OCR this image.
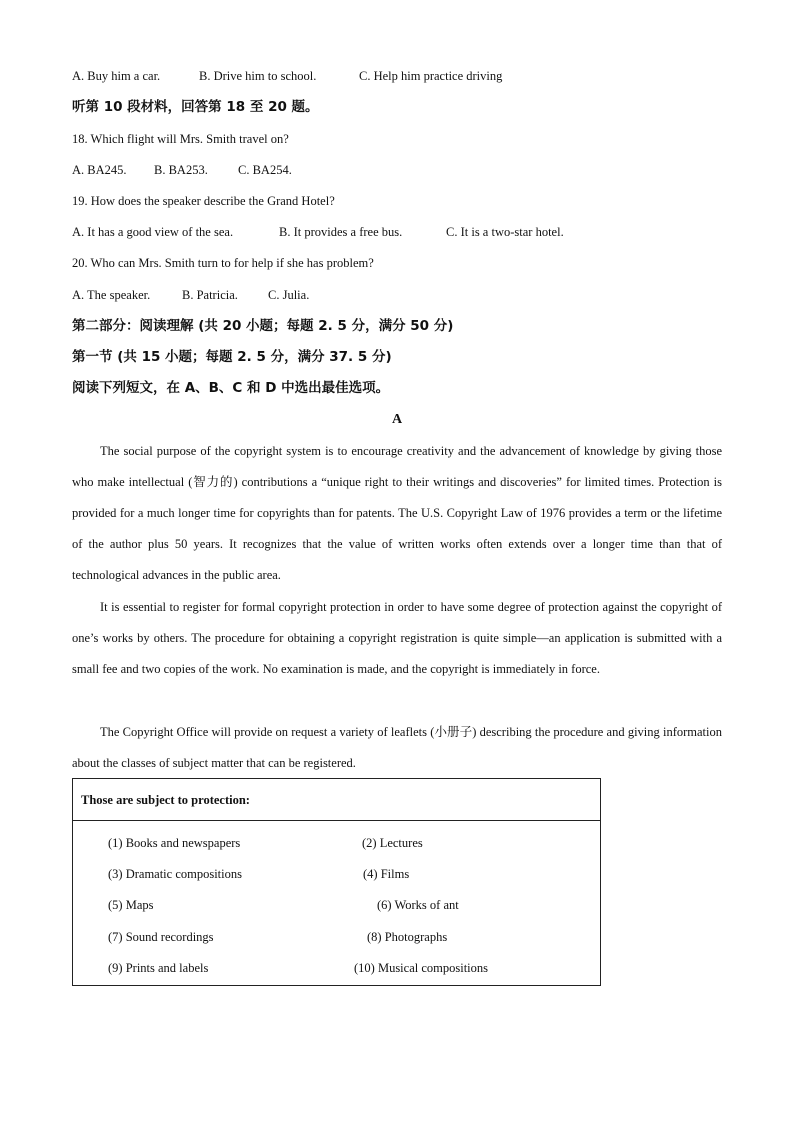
A. Buy him a car.	B. Drive him to school.	C. Help him practice driving
听第 10 段材料，回答第 18 至 20 题。
18. Which flight will Mrs. Smith travel on?
A. BA245. B. BA253. C. BA254.
19. How does the speaker describe the Grand Hotel?
A. It has a good view of the sea.	B. It provides a free bus.	C. It is a two-star hotel.
20. Who can Mrs. Smith turn to for help if she has problem?
A. The speaker.	B. Patricia. C. Julia.
第二部分：阅读理解 (共 20 小题；每题 2. 5 分，满分 50 分)
第一节 (共 15 小题；每题 2. 5 分，满分 37. 5 分)
阅读下列短文，在 A、B、C 和 D 中选出最佳选项。
A

The social purpose of the copyright system is to encourage creativity and the advancement of knowledge by giving those who make intellectual (智力的) contributions a “unique right to their writings and discoveries” for limited times. Protection is provided for a much longer time for copyrights than for patents. The U.S. Copyright Law of 1976 provides a term or the lifetime of the author plus 50 years. It recognizes that the value of written works often extends over a longer time than that of technological advances in the public area.

It is essential to register for formal copyright protection in order to have some degree of protection against the copyright of one’s works by others. The procedure for obtaining a copyright registration is quite simple—an application is submitted with a small fee and two copies of the work. No examination is made, and the copyright is immediately in force.

The Copyright Office will provide on request a variety of leaflets (小册子) describing the procedure and giving information about the classes of subject matter that can be registered.

Those are subject to protection:
(1) Books and newspapers	(2) Lectures
(3) Dramatic compositions	(4) Films
(5) Maps	(6) Works of ant
(7) Sound recordings	(8) Photographs
(9) Prints and labels	(10) Musical compositions
